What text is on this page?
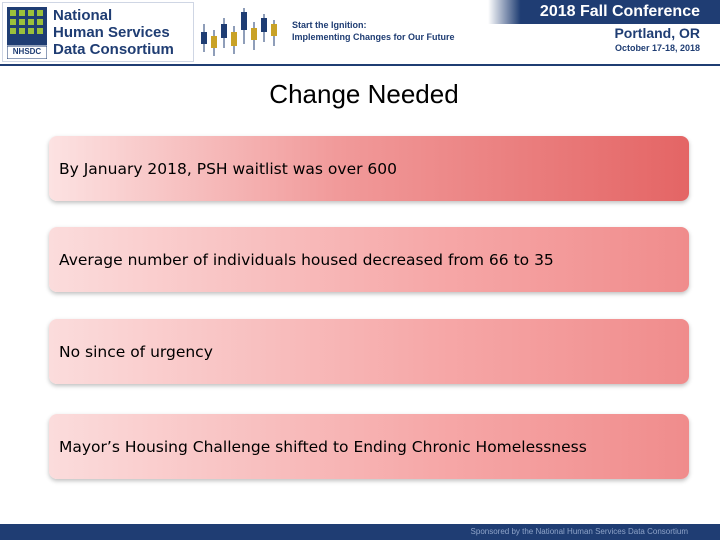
NHSDC
National
Human Services
Data Consortium
Start the Ignition:
Implementing Changes for Our Future
2018 Fall Conference
Portland, OR
October 17-18, 2018
Change Needed
By January 2018, PSH waitlist was over 600
Average number of individuals housed decreased from 66 to 35
No since of urgency
Mayor’s Housing Challenge shifted to Ending Chronic Homelessness
Sponsored by the National Human Services Data Consortium
